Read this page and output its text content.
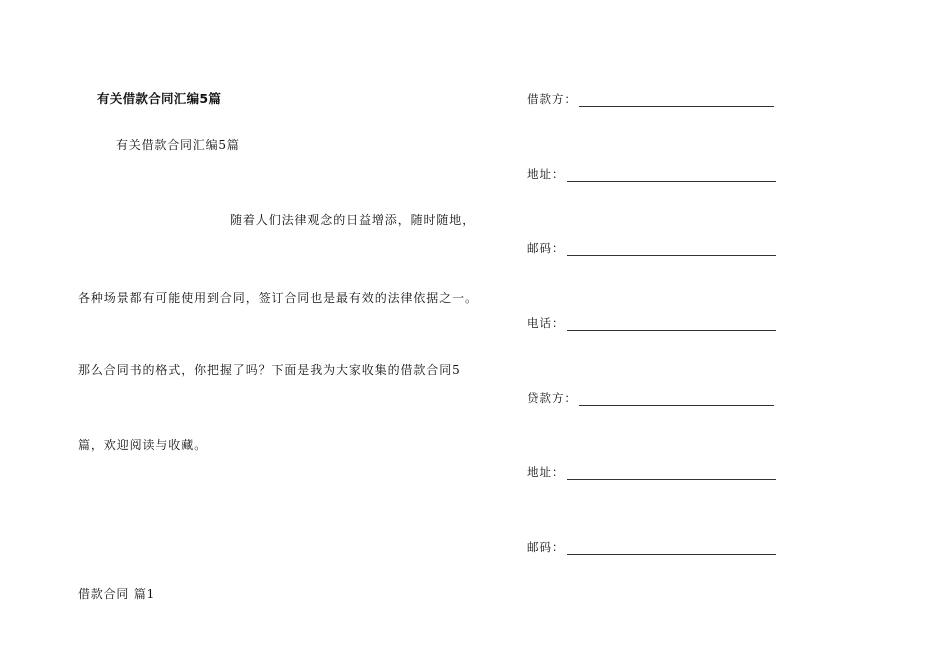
有关借款合同汇编5篇
有关借款合同汇编5篇
随着人们法律观念的日益增添，随时随地，
各种场景都有可能使用到合同，签订合同也是最有效的法律依据之一。
那么合同书的格式，你把握了吗？下面是我为大家收集的借款合同5
篇，欢迎阅读与收藏。
借款合同 篇1
借款方：
地址：
邮码：
电话：
贷款方：
地址：
邮码：
